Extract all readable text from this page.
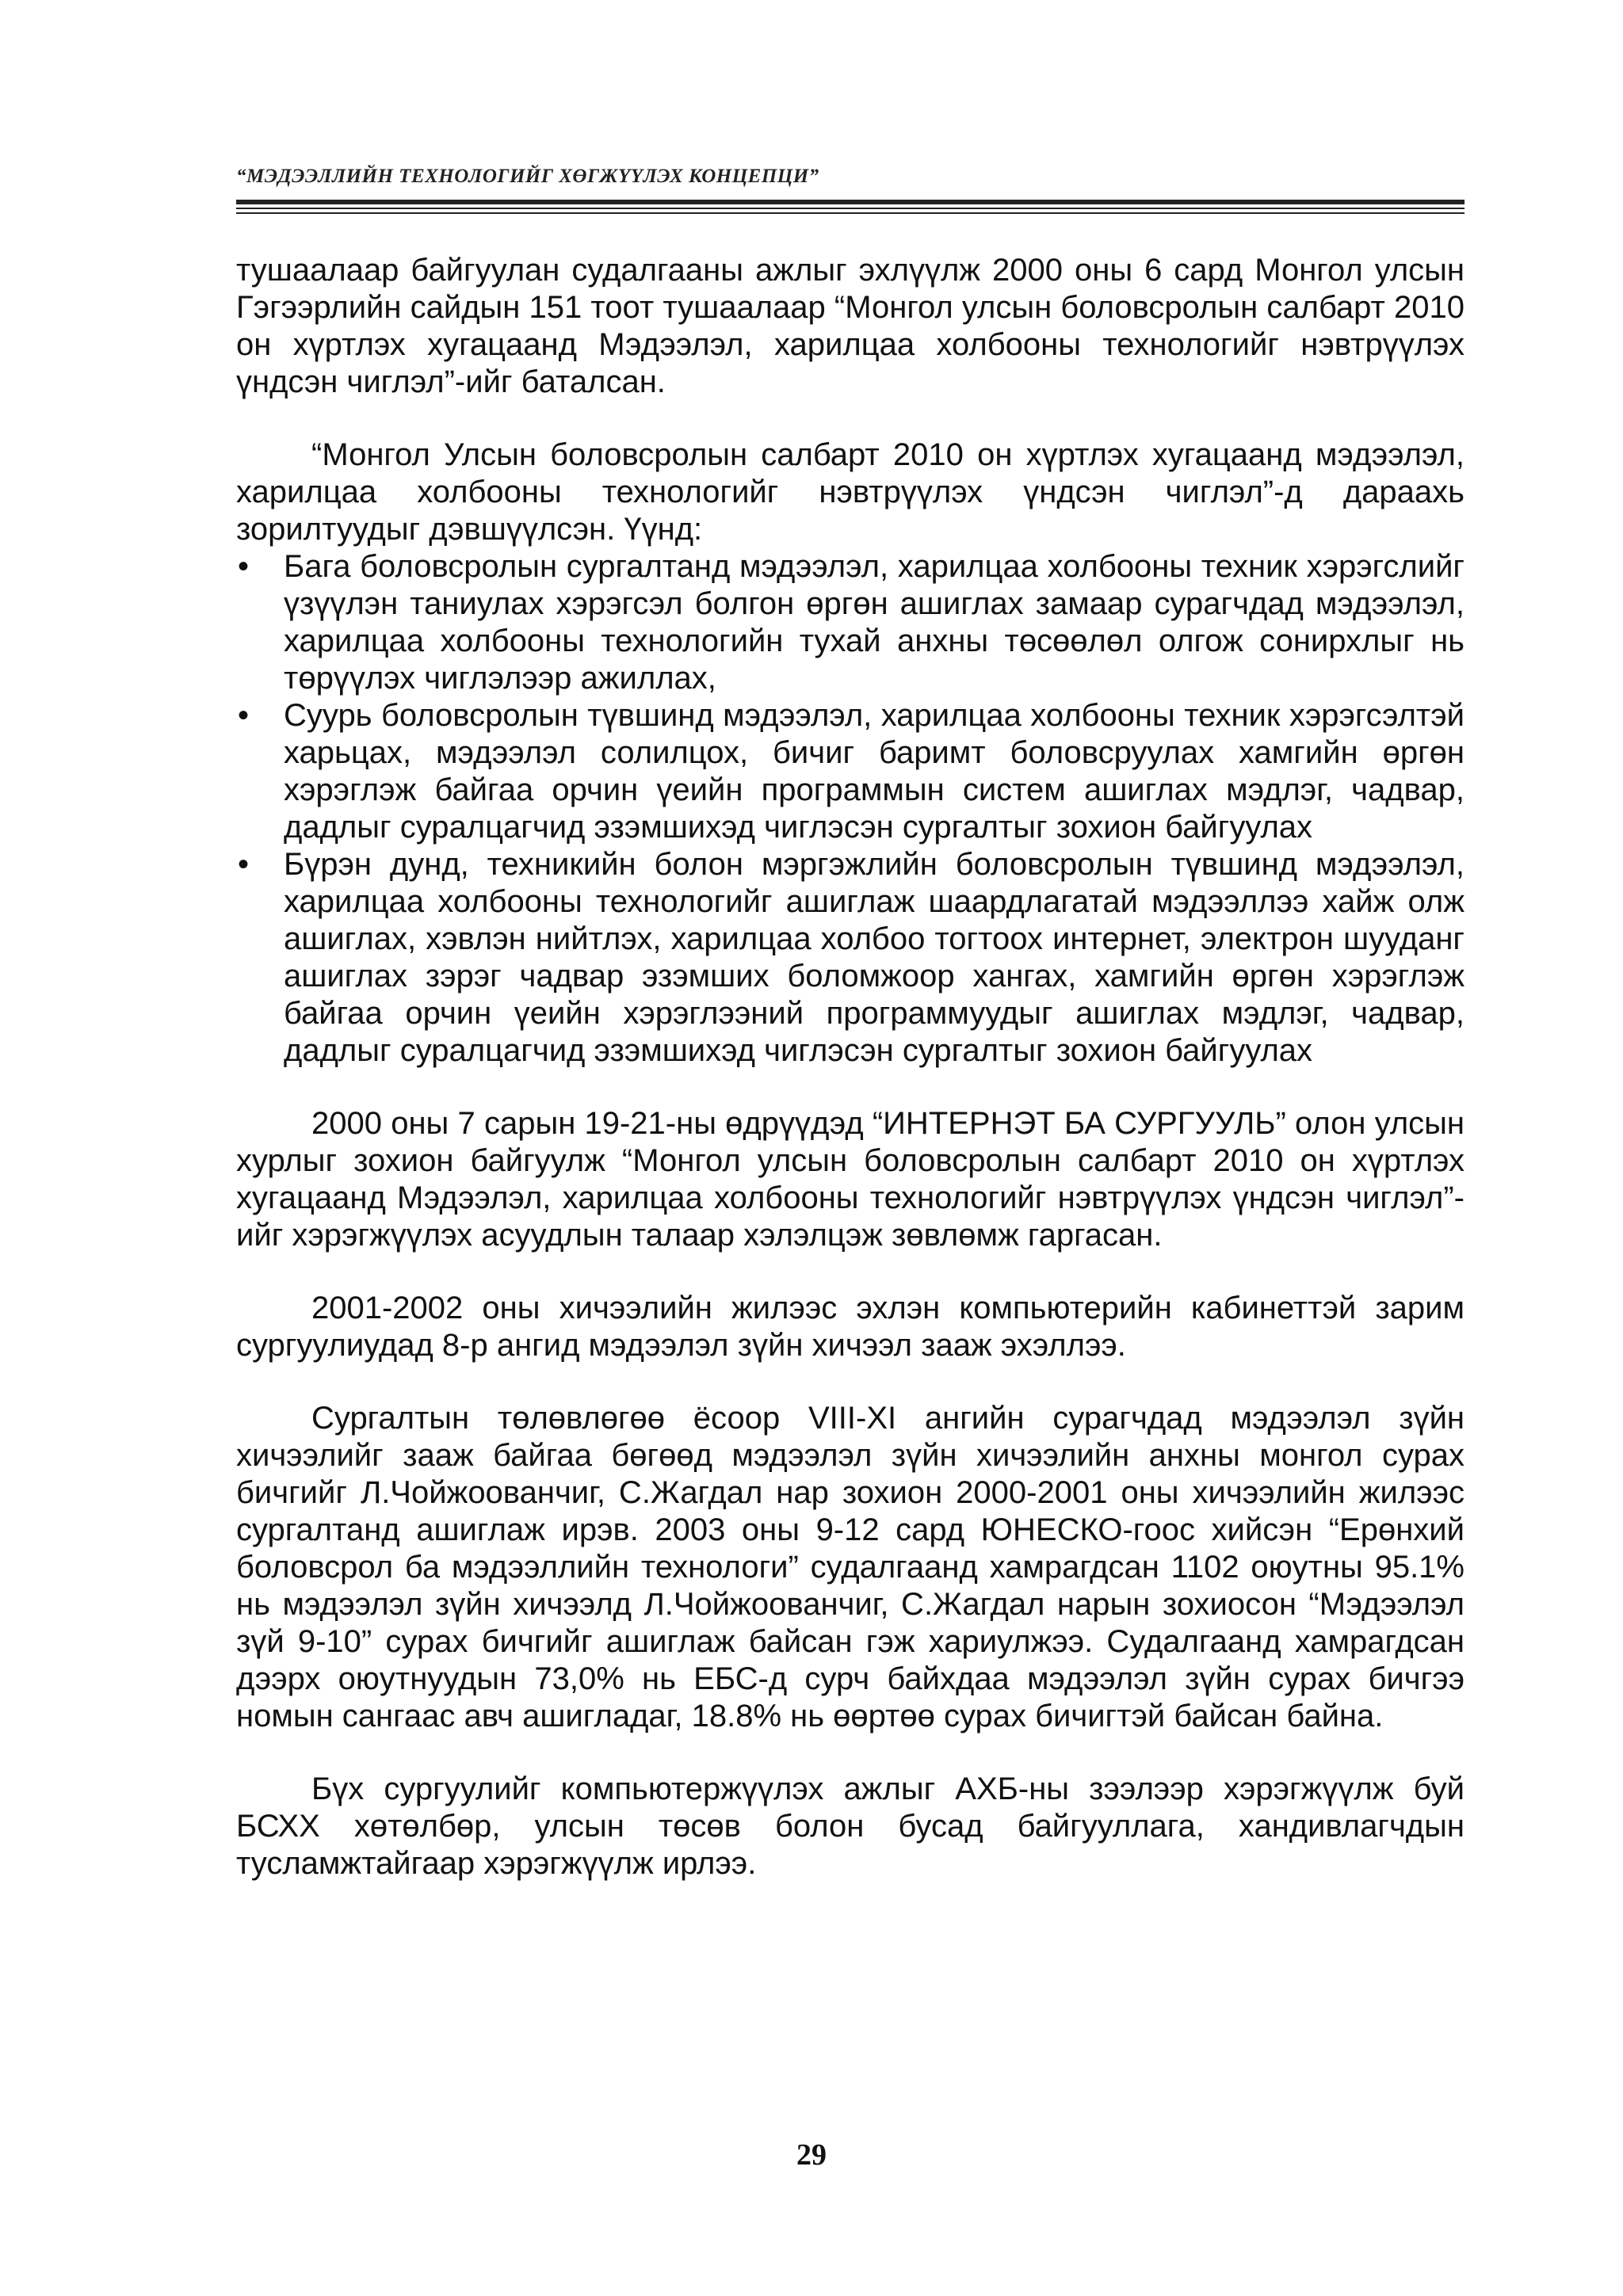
“МЭДЭЭЛЛИЙН ТЕХНОЛОГИЙГ ХӨГЖҮҮЛЭХ КОНЦЕПЦИ”

тушаалаар байгуулан судалгааны ажлыг эхлүүлж 2000 оны 6 сард Монгол улсын Гэгээрлийн сайдын 151 тоот тушаалаар “Монгол улсын боловсролын салбарт 2010 он хүртлэх хугацаанд Мэдээлэл, харилцаа холбооны технологийг нэвтрүүлэх үндсэн чиглэл”-ийг баталсан.

“Монгол Улсын боловсролын салбарт 2010 он хүртлэх хугацаанд мэдээлэл, харилцаа холбооны технологийг нэвтрүүлэх үндсэн чиглэл”-д дараахь зорилтуудыг дэвшүүлсэн. Үүнд:

•	Бага боловсролын сургалтанд мэдээлэл, харилцаа холбооны техник хэрэгслийг үзүүлэн таниулах хэрэгсэл болгон өргөн ашиглах замаар сурагчдад мэдээлэл, харилцаа холбооны технологийн тухай анхны төсөөлөл олгож сонирхлыг нь төрүүлэх чиглэлээр ажиллах,
•	Суурь боловсролын түвшинд мэдээлэл, харилцаа холбооны техник хэрэгсэлтэй харьцах, мэдээлэл солилцох, бичиг баримт боловсруулах хамгийн өргөн хэрэглэж байгаа орчин үеийн программын систем ашиглах мэдлэг, чадвар, дадлыг суралцагчид эзэмшихэд чиглэсэн сургалтыг зохион байгуулах
•	Бүрэн дунд, техникийн болон мэргэжлийн боловсролын түвшинд мэдээлэл, харилцаа холбооны технологийг ашиглаж шаардлагатай мэдээллээ хайж олж ашиглах, хэвлэн нийтлэх, харилцаа холбоо тогтоох интернет, электрон шууданг ашиглах зэрэг чадвар эзэмших боломжоор хангах, хамгийн өргөн хэрэглэж байгаа орчин үеийн хэрэглээний программуудыг ашиглах мэдлэг, чадвар, дадлыг суралцагчид эзэмшихэд чиглэсэн сургалтыг зохион байгуулах

2000 оны 7 сарын 19-21-ны өдрүүдэд “ИНТЕРНЭТ БА СУРГУУЛЬ” олон улсын хурлыг зохион байгуулж “Монгол улсын боловсролын салбарт 2010 он хүртлэх хугацаанд Мэдээлэл, харилцаа холбооны технологийг нэвтрүүлэх үндсэн чиглэл”-ийг хэрэгжүүлэх асуудлын талаар хэлэлцэж зөвлөмж гаргасан.

2001-2002 оны хичээлийн жилээс эхлэн компьютерийн кабинеттэй зарим сургуулиудад 8-р ангид мэдээлэл зүйн хичээл зааж эхэллээ.

Сургалтын төлөвлөгөө ёсоор VIII-XI ангийн сурагчдад мэдээлэл зүйн хичээлийг зааж байгаа бөгөөд мэдээлэл зүйн хичээлийн анхны монгол сурах бичгийг Л.Чойжоованчиг, С.Жагдал нар зохион 2000-2001 оны хичээлийн жилээс сургалтанд ашиглаж ирэв. 2003 оны 9-12 сард ЮНЕСКО-гоос хийсэн “Ерөнхий боловсрол ба мэдээллийн технологи” судалгаанд хамрагдсан 1102 оюутны 95.1% нь мэдээлэл зүйн хичээлд Л.Чойжоованчиг, С.Жагдал нарын зохиосон “Мэдээлэл зүй 9-10” сурах бичгийг ашиглаж байсан гэж хариулжээ. Судалгаанд хамрагдсан дээрх оюутнуудын 73,0% нь ЕБС-д сурч байхдаа мэдээлэл зүйн сурах бичгээ номын сангаас авч ашигладаг, 18.8% нь өөртөө сурах бичигтэй байсан байна.

Бүх сургуулийг компьютержүүлэх ажлыг АХБ-ны зээлээр хэрэгжүүлж буй БСХХ хөтөлбөр, улсын төсөв болон бусад байгууллага, хандивлагчдын тусламжтайгаар хэрэгжүүлж ирлээ.

29
